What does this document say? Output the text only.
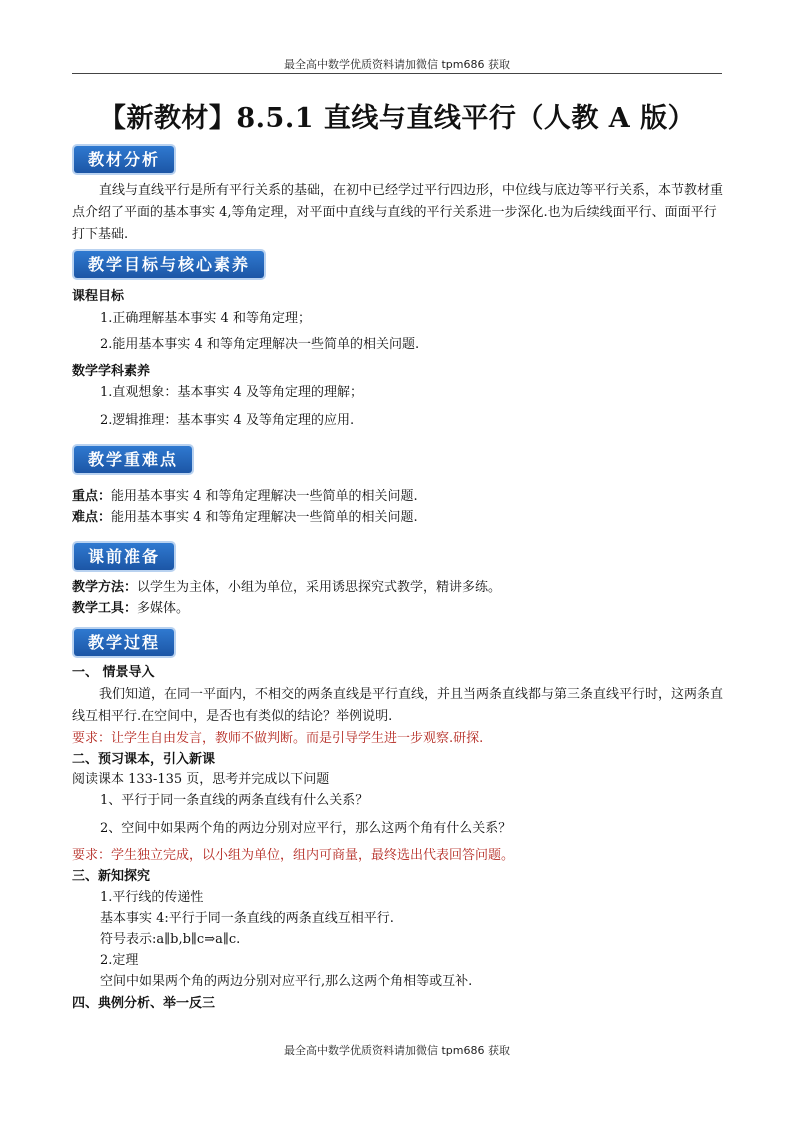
最全高中数学优质资料请加微信 tpm686 获取
【新教材】8.5.1 直线与直线平行（人教 A 版）
教材分析
直线与直线平行是所有平行关系的基础，在初中已经学过平行四边形，中位线与底边等平行关系，本节教材重点介绍了平面的基本事实 4,等角定理，对平面中直线与直线的平行关系进一步深化.也为后续线面平行、面面平行打下基础.
教学目标与核心素养
课程目标
1.正确理解基本事实 4 和等角定理；
2.能用基本事实 4 和等角定理解决一些简单的相关问题.
数学学科素养
1.直观想象：基本事实 4 及等角定理的理解；
2.逻辑推理：基本事实 4 及等角定理的应用.
教学重难点
重点：能用基本事实 4 和等角定理解决一些简单的相关问题.
难点：能用基本事实 4 和等角定理解决一些简单的相关问题.
课前准备
教学方法：以学生为主体，小组为单位，采用诱思探究式教学，精讲多练。
教学工具：多媒体。
教学过程
一、 情景导入
我们知道，在同一平面内，不相交的两条直线是平行直线，并且当两条直线都与第三条直线平行时，这两条直线互相平行.在空间中，是否也有类似的结论？举例说明.
要求：让学生自由发言，教师不做判断。而是引导学生进一步观察.研探.
二、预习课本，引入新课
阅读课本 133-135 页，思考并完成以下问题
1、平行于同一条直线的两条直线有什么关系？
2、空间中如果两个角的两边分别对应平行，那么这两个角有什么关系？
要求：学生独立完成，以小组为单位，组内可商量，最终选出代表回答问题。
三、新知探究
1.平行线的传递性
基本事实 4:平行于同一条直线的两条直线互相平行.
符号表示:a∥b,b∥c⇒a∥c.
2.定理
空间中如果两个角的两边分别对应平行,那么这两个角相等或互补.
四、典例分析、举一反三
最全高中数学优质资料请加微信 tpm686 获取
